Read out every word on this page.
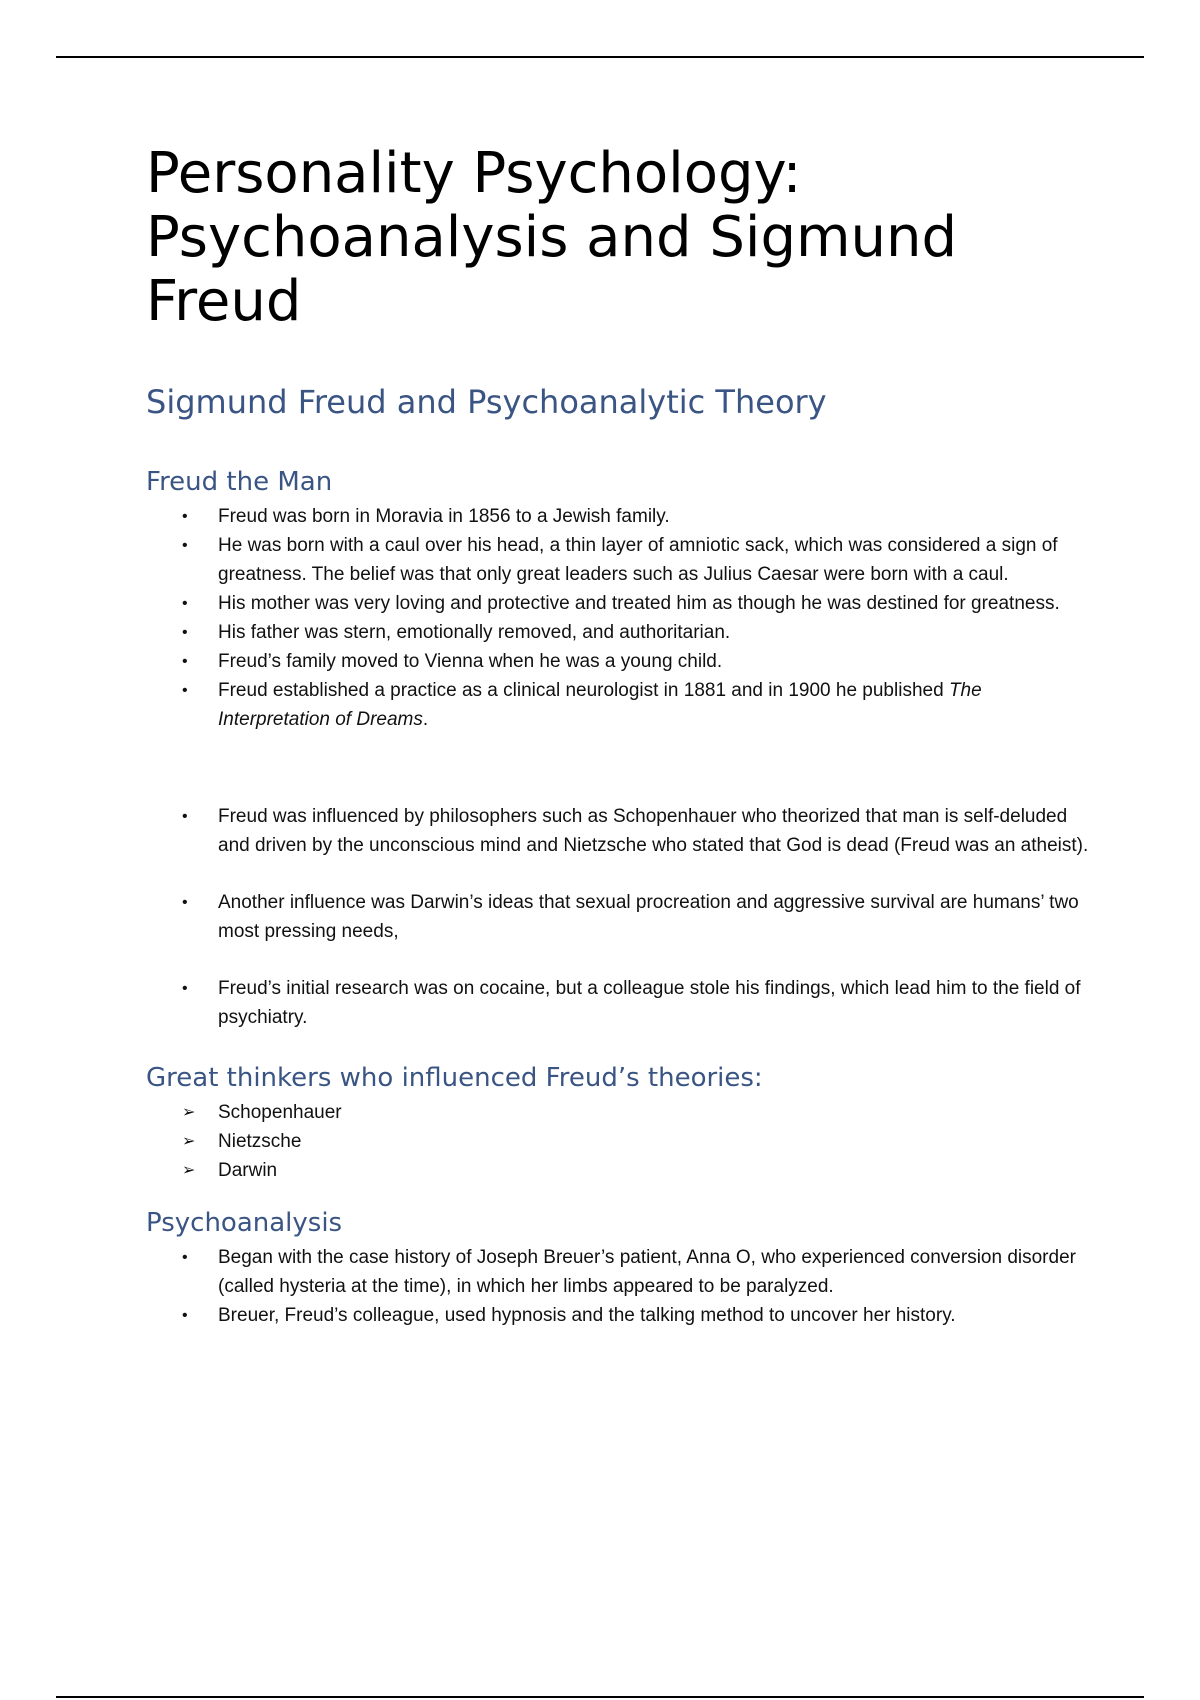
Personality Psychology: Psychoanalysis and Sigmund Freud
Sigmund Freud and Psychoanalytic Theory
Freud the Man
•	Freud was born in Moravia in 1856 to a Jewish family.
•	He was born with a caul over his head, a thin layer of amniotic sack, which was considered a sign of greatness. The belief was that only great leaders such as Julius Caesar were born with a caul.
•	His mother was very loving and protective and treated him as though he was destined for greatness.
•	His father was stern, emotionally removed, and authoritarian.
•	Freud’s family moved to Vienna when he was a young child.
•	Freud established a practice as a clinical neurologist in 1881 and in 1900 he published The Interpretation of Dreams.
•	Freud was influenced by philosophers such as Schopenhauer who theorized that man is self-deluded and driven by the unconscious mind and Nietzsche who stated that God is dead (Freud was an atheist).
•	Another influence was Darwin’s ideas that sexual procreation and aggressive survival are humans’ two most pressing needs,
•	Freud’s initial research was on cocaine, but a colleague stole his findings, which lead him to the field of psychiatry.
Great thinkers who influenced Freud’s theories:
➢	Schopenhauer
➢	Nietzsche
➢	Darwin
Psychoanalysis
•	Began with the case history of Joseph Breuer’s patient, Anna O, who experienced conversion disorder (called hysteria at the time), in which her limbs appeared to be paralyzed.
•	Breuer, Freud’s colleague, used hypnosis and the talking method to uncover her history.
